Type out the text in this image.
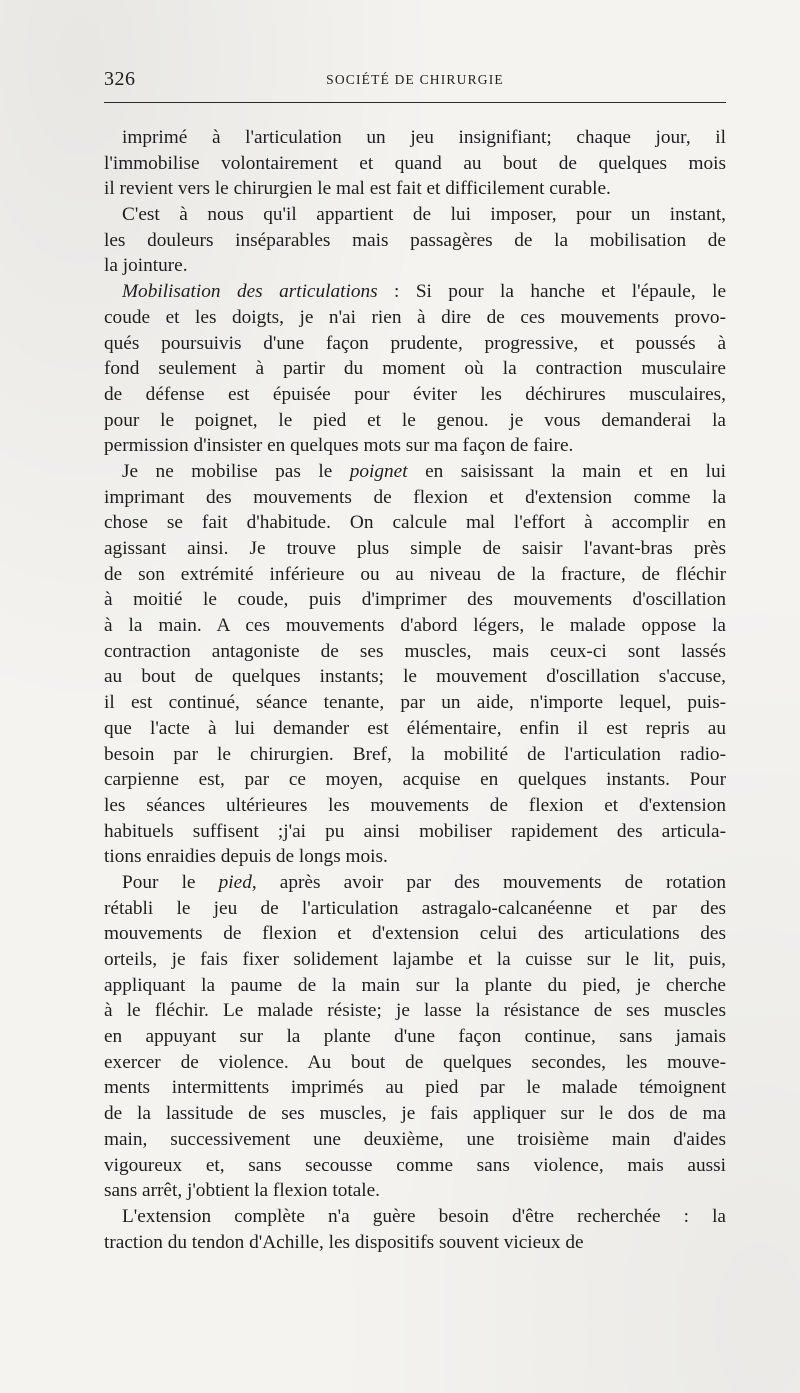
326	SOCIÉTÉ DE CHIRURGIE
imprimé à l'articulation un jeu insignifiant; chaque jour, il
l'immobilise volontairement et quand au bout de quelques mois
il revient vers le chirurgien le mal est fait et difficilement curable.
C'est à nous qu'il appartient de lui imposer, pour un instant,
les douleurs inséparables mais passagères de la mobilisation de
la jointure.
Mobilisation des articulations : Si pour la hanche et l'épaule, le
coude et les doigts, je n'ai rien à dire de ces mouvements provo-
qués poursuivis d'une façon prudente, progressive, et poussés à
fond seulement à partir du moment où la contraction musculaire
de défense est épuisée pour éviter les déchirures musculaires,
pour le poignet, le pied et le genou. je vous demanderai la
permission d'insister en quelques mots sur ma façon de faire.
Je ne mobilise pas le poignet en saisissant la main et en lui
imprimant des mouvements de flexion et d'extension comme la
chose se fait d'habitude. On calcule mal l'effort à accomplir en
agissant ainsi. Je trouve plus simple de saisir l'avant-bras près
de son extrémité inférieure ou au niveau de la fracture, de fléchir
à moitié le coude, puis d'imprimer des mouvements d'oscillation
à la main. A ces mouvements d'abord légers, le malade oppose la
contraction antagoniste de ses muscles, mais ceux-ci sont lassés
au bout de quelques instants; le mouvement d'oscillation s'accuse,
il est continué, séance tenante, par un aide, n'importe lequel, puis-
que l'acte à lui demander est élémentaire, enfin il est repris au
besoin par le chirurgien. Bref, la mobilité de l'articulation radio-
carpienne est, par ce moyen, acquise en quelques instants. Pour
les séances ultérieures les mouvements de flexion et d'extension
habituels suffisent ;j'ai pu ainsi mobiliser rapidement des articula-
tions enraidies depuis de longs mois.
Pour le pied, après avoir par des mouvements de rotation
rétabli le jeu de l'articulation astragalo-calcanéenne et par des
mouvements de flexion et d'extension celui des articulations des
orteils, je fais fixer solidement lajambe et la cuisse sur le lit, puis,
appliquant la paume de la main sur la plante du pied, je cherche
à le fléchir. Le malade résiste; je lasse la résistance de ses muscles
en appuyant sur la plante d'une façon continue, sans jamais
exercer de violence. Au bout de quelques secondes, les mouve-
ments intermittents imprimés au pied par le malade témoignent
de la lassitude de ses muscles, je fais appliquer sur le dos de ma
main, successivement une deuxième, une troisième main d'aides
vigoureux et, sans secousse comme sans violence, mais aussi
sans arrêt, j'obtient la flexion totale.
L'extension complète n'a guère besoin d'être recherchée : la
traction du tendon d'Achille, les dispositifs souvent vicieux de
